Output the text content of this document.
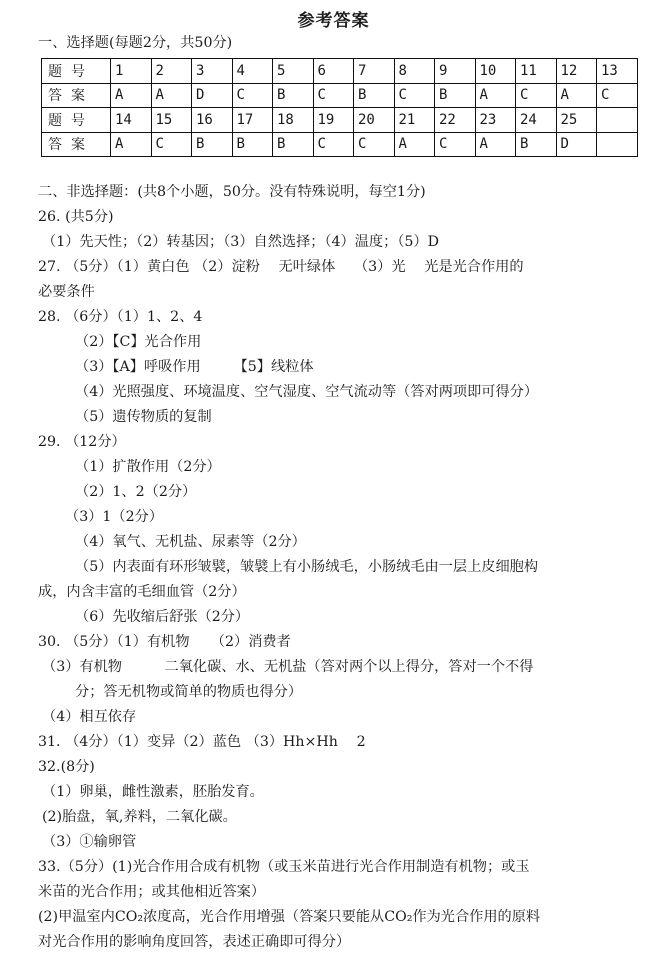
参考答案
一、选择题(每题2分，共50分)
题号	1	2	3	4	5	6	7	8	9	10	11	12	13
答案	A	A	D	C	B	C	B	C	B	A	C	A	C
题号	14	15	16	17	18	19	20	21	22	23	24	25	
答案	A	C	B	B	B	C	C	A	C	A	B	D	
二、非选择题：(共8个小题，50分。没有特殊说明，每空1分)
26. (共5分)
（1）先天性；（2）转基因；（3）自然选择；（4）温度；（5）D
27. （5分）（1）黄白色 （2）淀粉　 无叶绿体　 （3）光　 光是光合作用的
必要条件
28. （6分）（1）1、2、4
（2）【C】光合作用
（3）【A】呼吸作用　　 【5】线粒体
（4）光照强度、环境温度、空气湿度、空气流动等（答对两项即可得分）
（5）遗传物质的复制
29. （12分）
（1）扩散作用（2分）
（2）1、2（2分）
（3）1（2分）
（4）氧气、无机盐、尿素等（2分）
（5）内表面有环形皱襞，皱襞上有小肠绒毛，小肠绒毛由一层上皮细胞构
成，内含丰富的毛细血管（2分）
（6）先收缩后舒张（2分）
30. （5分）（1）有机物　　（2）消费者
（3）有机物　　　二氧化碳、水、无机盐（答对两个以上得分，答对一个不得
分；答无机物或简单的物质也得分）
（4）相互依存
31. （4分）（1）变异（2）蓝色 （3）Hh×Hh　 2
32.(8分)
（1）卵巢，雌性激素，胚胎发育。
(2)胎盘，氧,养料，二氧化碳。
（3）①输卵管
33.（5分）(1)光合作用合成有机物（或玉米苗进行光合作用制造有机物；或玉
米苗的光合作用；或其他相近答案）
(2)甲温室内CO₂浓度高，光合作用增强（答案只要能从CO₂作为光合作用的原料
对光合作用的影响角度回答，表述正确即可得分）
